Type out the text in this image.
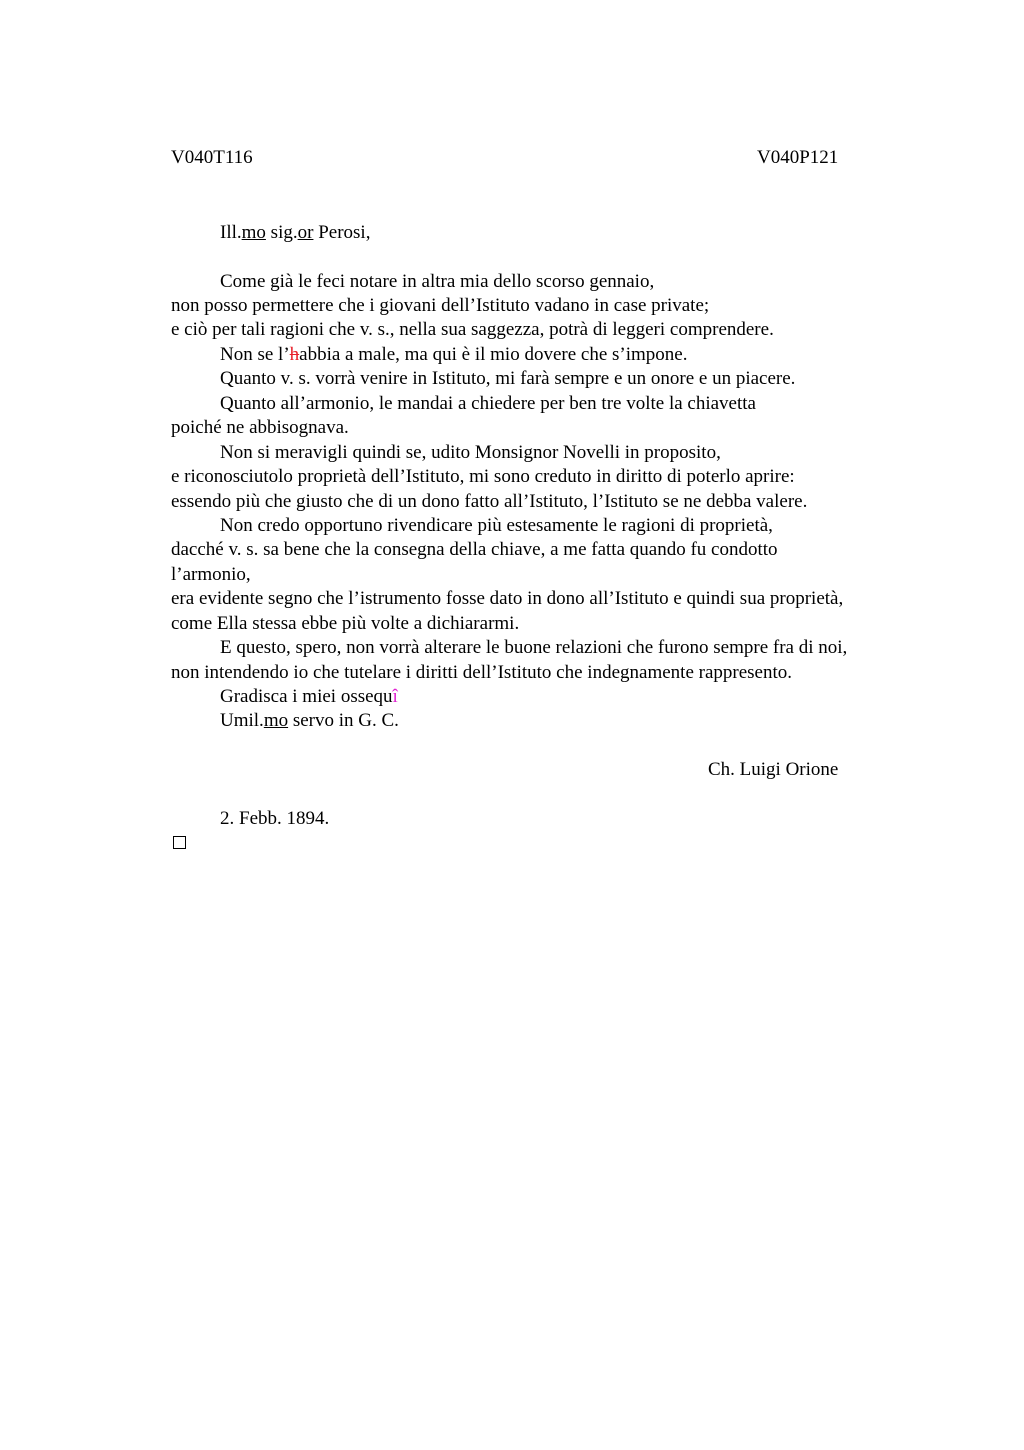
V040T116	V040P121
Ill.mo sig.or Perosi,
Come già le feci notare in altra mia dello scorso gennaio,
non posso permettere che i giovani dell’Istituto vadano in case private;
e ciò per tali ragioni che v. s., nella sua saggezza, potrà di leggeri comprendere.
Non se l’habbia a male, ma qui è il mio dovere che s’impone.
Quanto v. s. vorrà venire in Istituto, mi farà sempre e un onore e un piacere.
Quanto all’armonio, le mandai a chiedere per ben tre volte la chiavetta
poiché ne abbisognava.
Non si meravigli quindi se, udito Monsignor Novelli in proposito,
e riconosciutolo proprietà dell’Istituto, mi sono creduto in diritto di poterlo aprire:
essendo più che giusto che di un dono fatto all’Istituto, l’Istituto se ne debba valere.
Non credo opportuno rivendicare più estesamente le ragioni di proprietà,
dacché v. s. sa bene che la consegna della chiave, a me fatta quando fu condotto
l’armonio,
era evidente segno che l’istrumento fosse dato in dono all’Istituto e quindi sua proprietà,
come Ella stessa ebbe più volte a dichiararmi.
E questo, spero, non vorrà alterare le buone relazioni che furono sempre fra di noi,
non intendendo io che tutelare i diritti dell’Istituto che indegnamente rappresento.
Gradisca i miei ossequî
Umil.mo servo in G. C.
Ch. Luigi Orione
2. Febb. 1894.
